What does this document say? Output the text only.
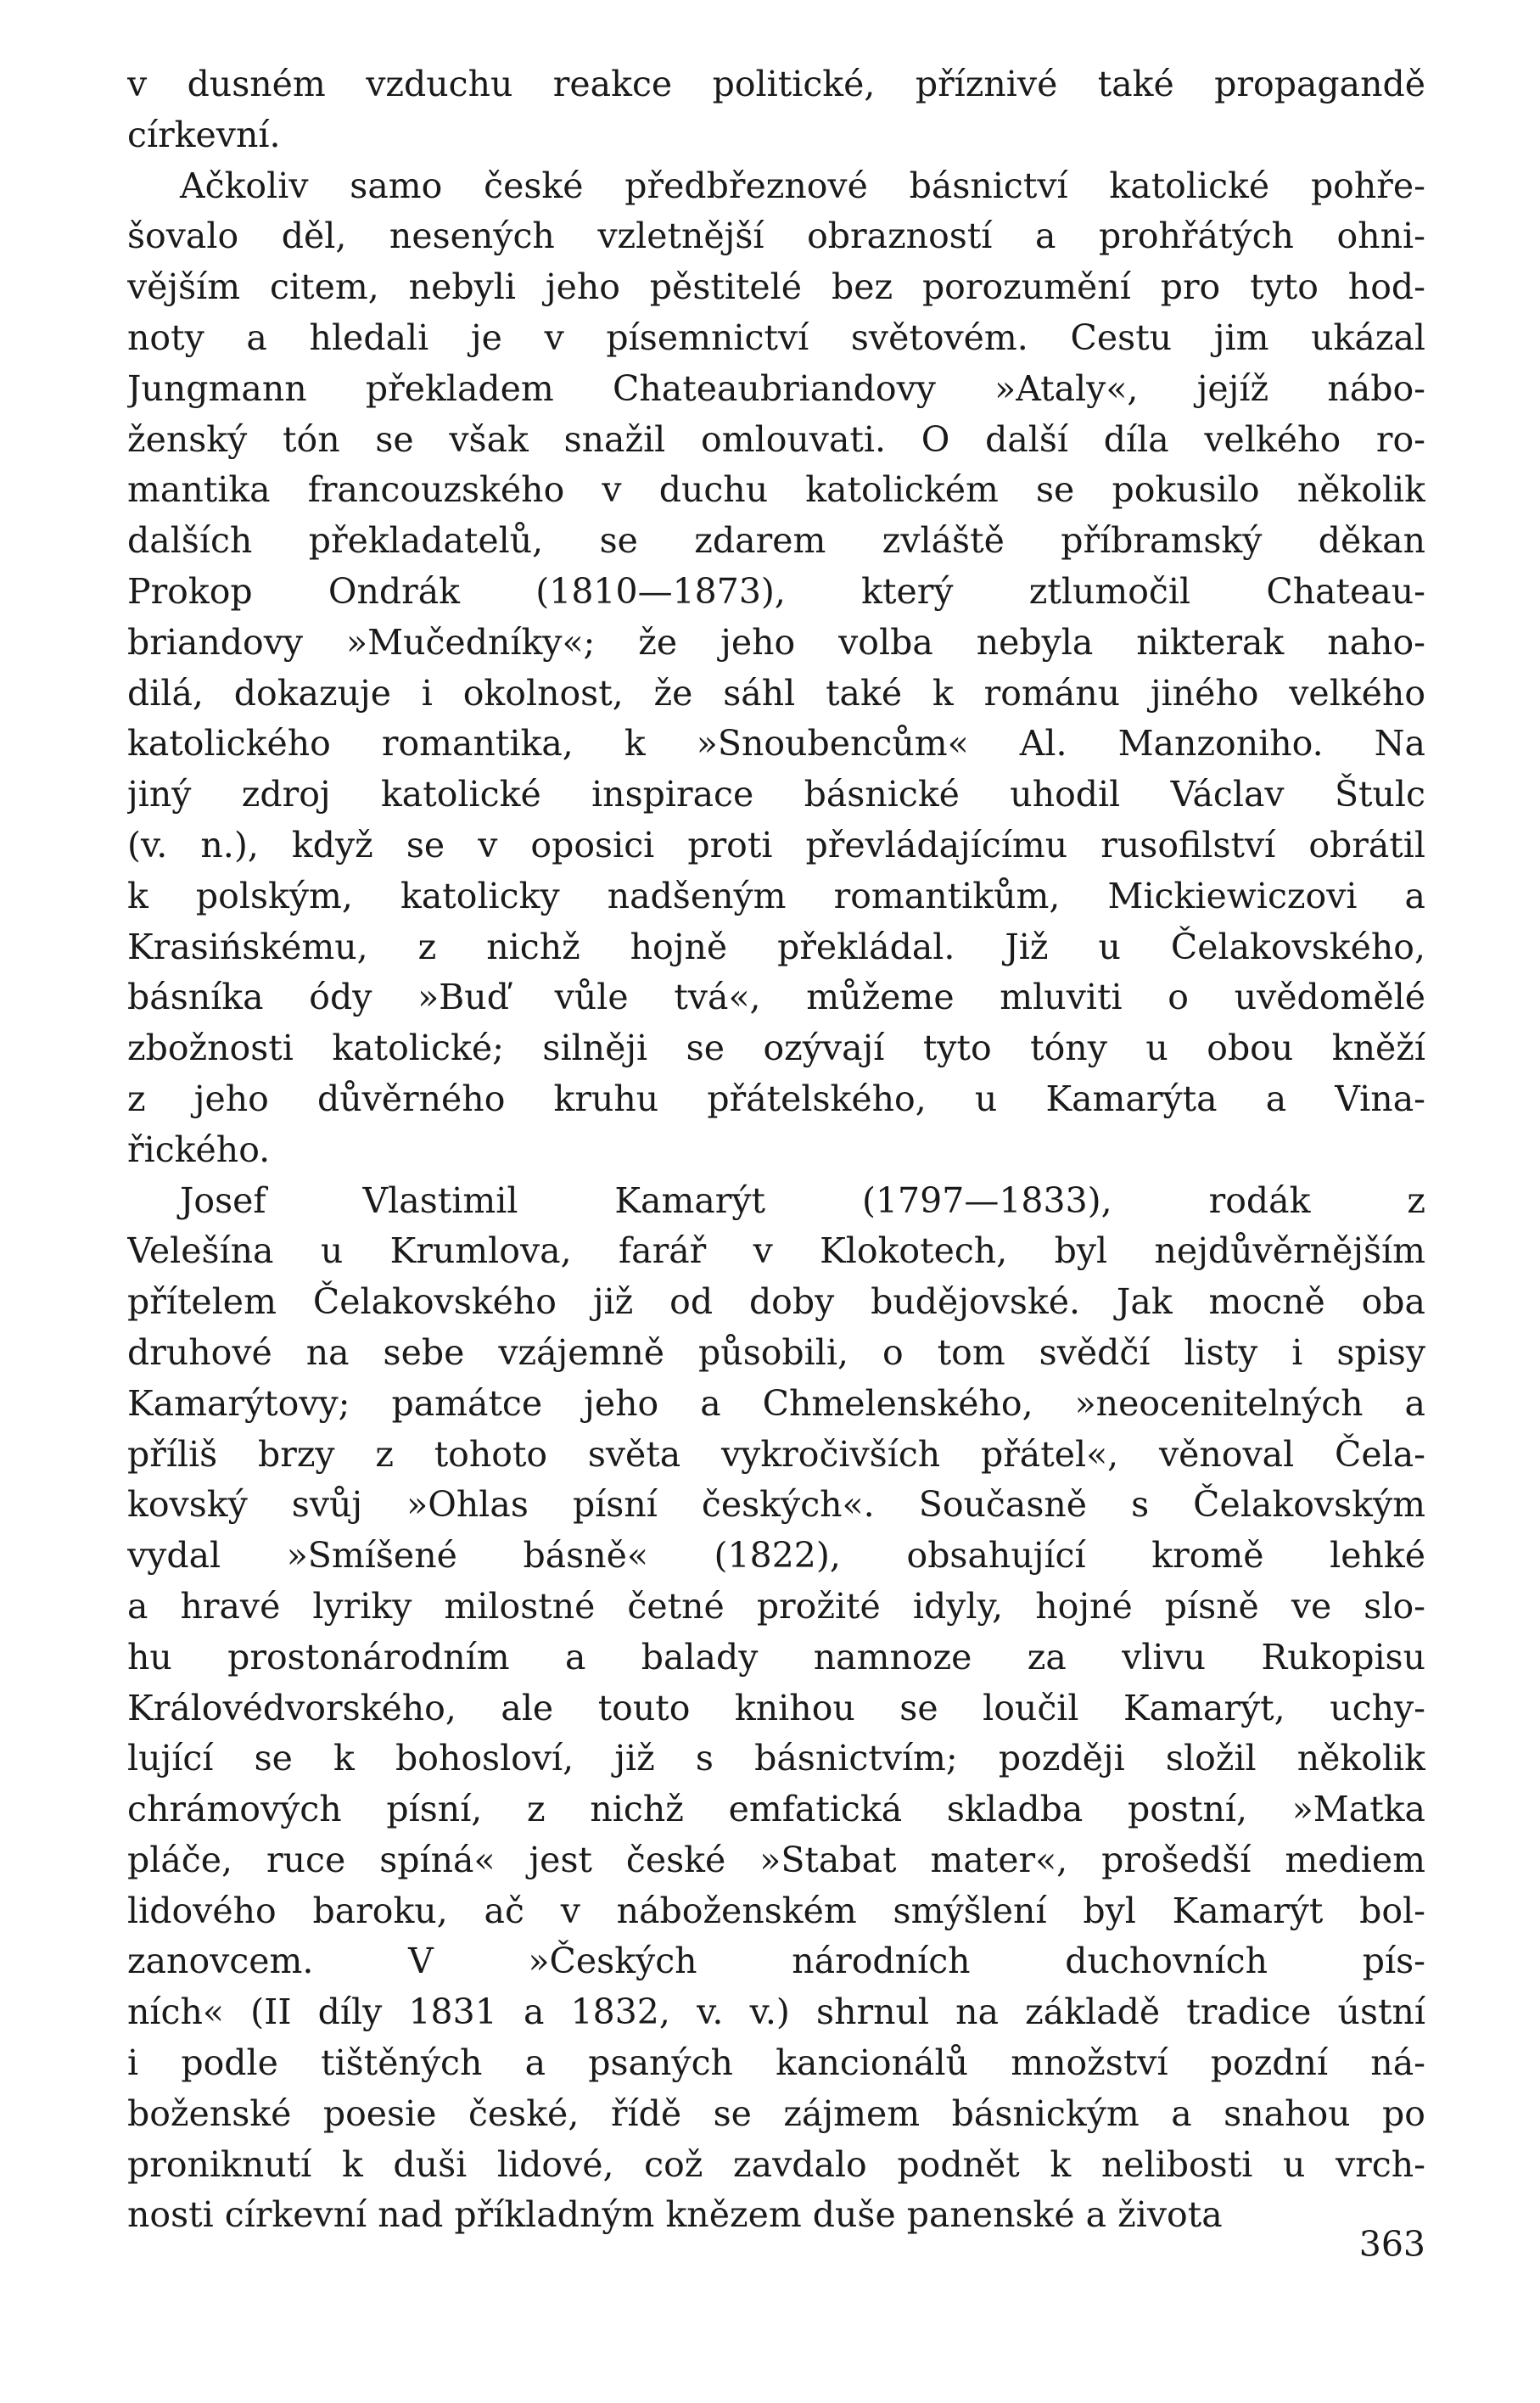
v dusném vzduchu reakce politické, příznivé také propagandě
církevní.
Ačkoliv samo české předbřeznové básnictví katolické pohře-
šovalo děl, nesených vzletnější obrazností a prohřátých ohni-
vějším citem, nebyli jeho pěstitelé bez porozumění pro tyto hod-
noty a hledali je v písemnictví světovém. Cestu jim ukázal
Jungmann překladem Chateaubriandovy »Ataly«, jejíž nábo-
ženský tón se však snažil omlouvati. O další díla velkého ro-
mantika francouzského v duchu katolickém se pokusilo několik
dalších překladatelů, se zdarem zvláště příbramský děkan
Prokop Ondrák (1810—1873), který ztlumočil Chateau-
briandovy »Mučedníky«; že jeho volba nebyla nikterak naho-
dilá, dokazuje i okolnost, že sáhl také k románu jiného velkého
katolického romantika, k »Snoubencům« Al. Manzoniho. Na
jiný zdroj katolické inspirace básnické uhodil Václav Štulc
(v. n.), když se v oposici proti převládajícímu rusofilství obrátil
k polským, katolicky nadšeným romantikům, Mickiewiczovi a
Krasińskému, z nichž hojně překládal. Již u Čelakovského,
básníka ódy »Buď vůle tvá«, můžeme mluviti o uvědomělé
zbožnosti katolické; silněji se ozývají tyto tóny u obou kněží
z jeho důvěrného kruhu přátelského, u Kamarýta a Vina-
řického.
Josef Vlastimil Kamarýt (1797—1833), rodák z
Velešína u Krumlova, farář v Klokotech, byl nejdůvěrnějším
přítelem Čelakovského již od doby budějovské. Jak mocně oba
druhové na sebe vzájemně působili, o tom svědčí listy i spisy
Kamarýtovy; památce jeho a Chmelenského, »neocenitelných a
příliš brzy z tohoto světa vykročivších přátel«, věnoval Čela-
kovský svůj »Ohlas písní českých«. Současně s Čelakovským
vydal »Smíšené básně« (1822), obsahující kromě lehké
a hravé lyriky milostné četné prožité idyly, hojné písně ve slo-
hu prostonárodním a balady namnoze za vlivu Rukopisu
Královédvorského, ale touto knihou se loučil Kamarýt, uchy-
lující se k bohosloví, již s básnictvím; později složil několik
chrámových písní, z nichž emfatická skladba postní, »Matka
pláče, ruce spíná« jest české »Stabat mater«, prošedší mediem
lidového baroku, ač v náboženském smýšlení byl Kamarýt bol-
zanovcem. V »Českých národních duchovních pís-
ních« (II díly 1831 a 1832, v. v.) shrnul na základě tradice ústní
i podle tištěných a psaných kancionálů množství pozdní ná-
boženské poesie české, řídě se zájmem básnickým a snahou po
proniknutí k duši lidové, což zavdalo podnět k nelibosti u vrch-
nosti církevní nad příkladným knězem duše panenské a života
363
